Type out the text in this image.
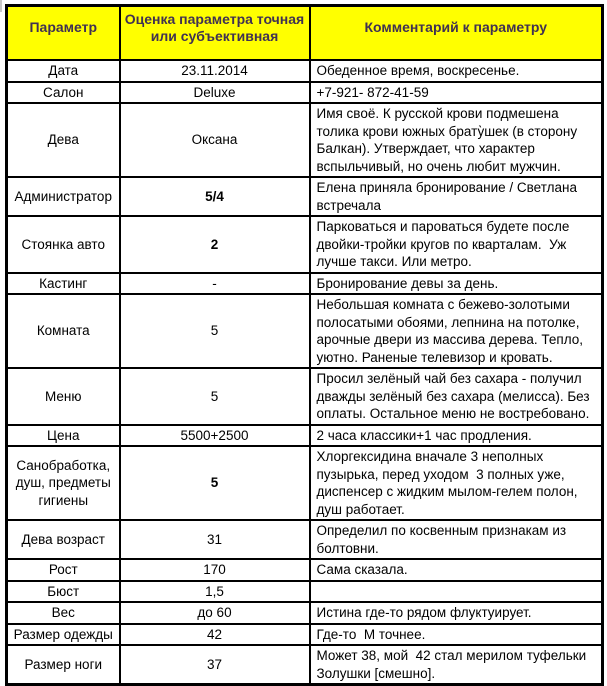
Параметр	Оценка параметра точная или субъективная	Комментарий к параметру
Дата	23.11.2014	Обеденное время, воскресенье.
Салон	Deluxe	+7-921- 872-41-59
Дева	Оксана	Имя своё. К русской крови подмешена толика крови южных брату̀шек (в сторону Балкан). Утверждает, что характер вспыльчивый, но очень любит мужчин.
Администратор	5/4	Елена приняла бронирование / Светлана встречала
Стоянка авто	2	Парковаться и пароваться будете после двойки-тройки кругов по кварталам.  Уж лучше такси. Или метро.
Кастинг	-	Бронирование девы за день.
Комната	5	Небольшая комната с бежево-золотыми полосатыми обоями, лепнина на потолке, арочные двери из массива дерева. Тепло, уютно. Раненые телевизор и кровать.
Меню	5	Просил зелёный чай без сахара - получил дважды зелёный без сахара (мелисса). Без оплаты. Остальное меню не востребовано.
Цена	5500+2500	2 часа классики+1 час продления.
Санобработка, душ, предметы гигиены	5	Хлоргексидина вначале 3 неполных пузырька, перед уходом  3 полных уже, диспенсер с жидким мылом-гелем полон, душ работает.
Дева возраст	31	Определил по косвенным признакам из болтовни.
Рост	170	Сама сказала.
Бюст	1,5	
Вес	до 60	Истина где-то рядом флуктуирует.
Размер одежды	42	Где-то  М точнее.
Размер ноги	37	Может 38, мой  42 стал мерилом туфельки Золушки [смешно].
